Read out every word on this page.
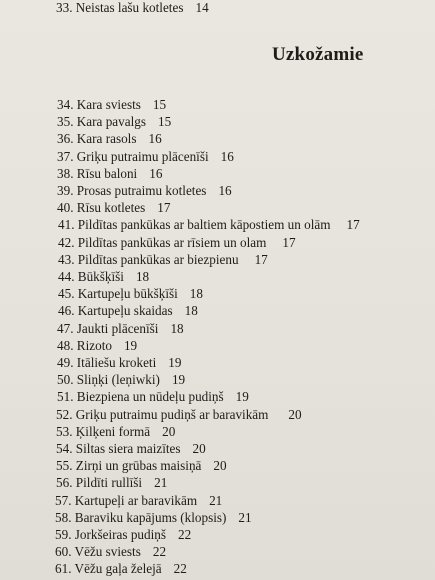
33. Neistas lašu kotletes 14
Uzkožamie
34. Kara sviests 15
35. Kara pavalgs 15
36. Kara rasols 16
37. Griķu putraimu plācenīši 16
38. Rīsu baloni 16
39. Prosas putraimu kotletes 16
40. Rīsu kotletes 17
41. Pildītas pankūkas ar baltiem kāpostiem un olām 17
42. Pildītas pankūkas ar rīsiem un olam 17
43. Pildītas pankūkas ar biezpienu 17
44. Būkšķīši 18
45. Kartupeļu būkšķīši 18
46. Kartupeļu skaidas 18
47. Jaukti plācenīši 18
48. Rizoto 19
49. Itāliešu kroketi 19
50. Sliņķi (leņiwki) 19
51. Biezpiena un nūdeļu pudiņš 19
52. Griķu putraimu pudiņš ar baravikām 20
53. Ķilķeni formā 20
54. Siltas siera maizītes 20
55. Zirņi un grūbas maisiņā 20
56. Pildīti rullīši 21
57. Kartupeļi ar baravikām 21
58. Baraviku kapājums (klopsis) 21
59. Jorkšeiras pudiņš 22
60. Vēžu sviests 22
61. Vēžu gaļa želejā 22
